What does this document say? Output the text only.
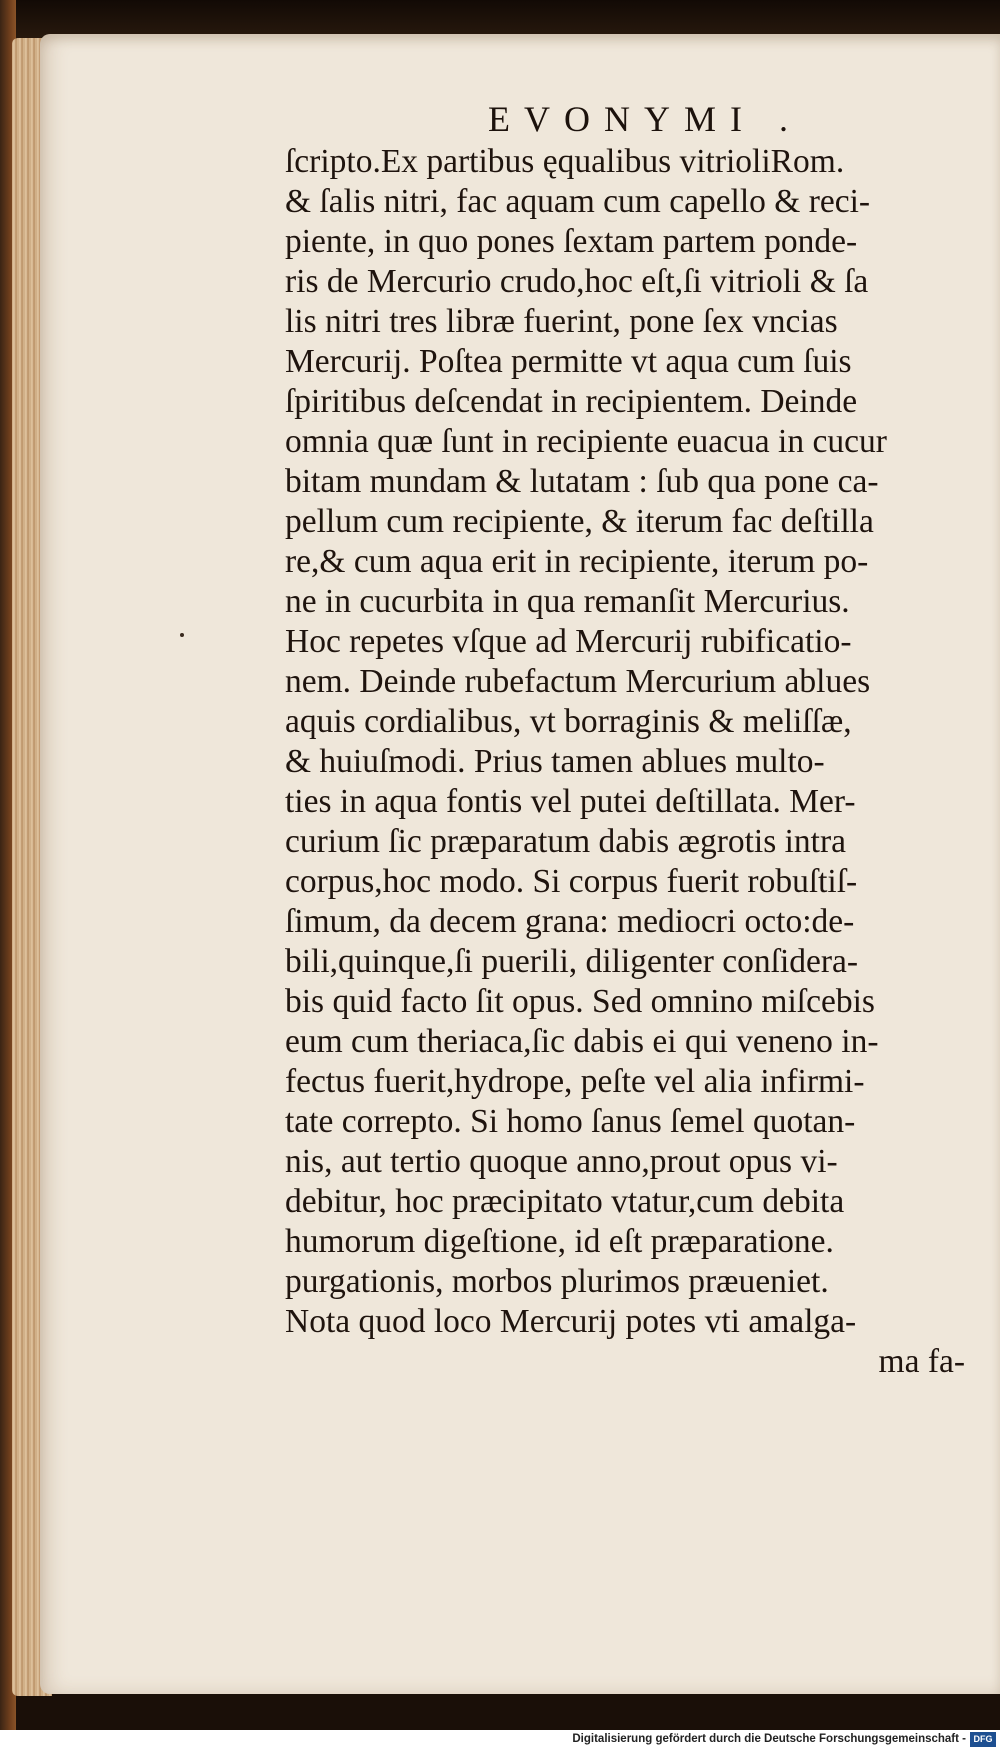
EVONYMI .
ſcripto.Ex partibus ęqualibus vitrioliRom.
& ſalis nitri, fac aquam cum capello & reci-
piente, in quo pones ſextam partem ponde-
ris de Mercurio crudo,hoc eſt,ſi vitrioli & ſa
lis nitri tres libræ fuerint, pone ſex vncias
Mercurij. Poſtea permitte vt aqua cum ſuis
ſpiritibus deſcendat in recipientem. Deinde
omnia quæ ſunt in recipiente euacua in cucur
bitam mundam & lutatam : ſub qua pone ca-
pellum cum recipiente, & iterum fac deſtilla
re,& cum aqua erit in recipiente, iterum po-
ne in cucurbita in qua remanſit Mercurius.
Hoc repetes vſque ad Mercurij rubificatio-
nem. Deinde rubefactum Mercurium ablues
aquis cordialibus, vt borraginis & meliſſæ,
& huiuſmodi. Prius tamen ablues multo-
ties in aqua fontis vel putei deſtillata. Mer-
curium ſic præparatum dabis ægrotis intra
corpus,hoc modo. Si corpus fuerit robuſtiſ-
ſimum, da decem grana: mediocri octo:de-
bili,quinque,ſi puerili, diligenter conſidera-
bis quid facto ſit opus. Sed omnino miſcebis
eum cum theriaca,ſic dabis ei qui veneno in-
fectus fuerit,hydrope, peſte vel alia infirmi-
tate correpto. Si homo ſanus ſemel quotan-
nis, aut tertio quoque anno,prout opus vi-
debitur, hoc præcipitato vtatur,cum debita
humorum digeſtione, id eſt præparatione.
purgationis, morbos plurimos præueniet.
Nota quod loco Mercurij potes vti amalga-
ma fa-
Digitalisierung gefördert durch die Deutsche Forschungsgemeinschaft - DFG
